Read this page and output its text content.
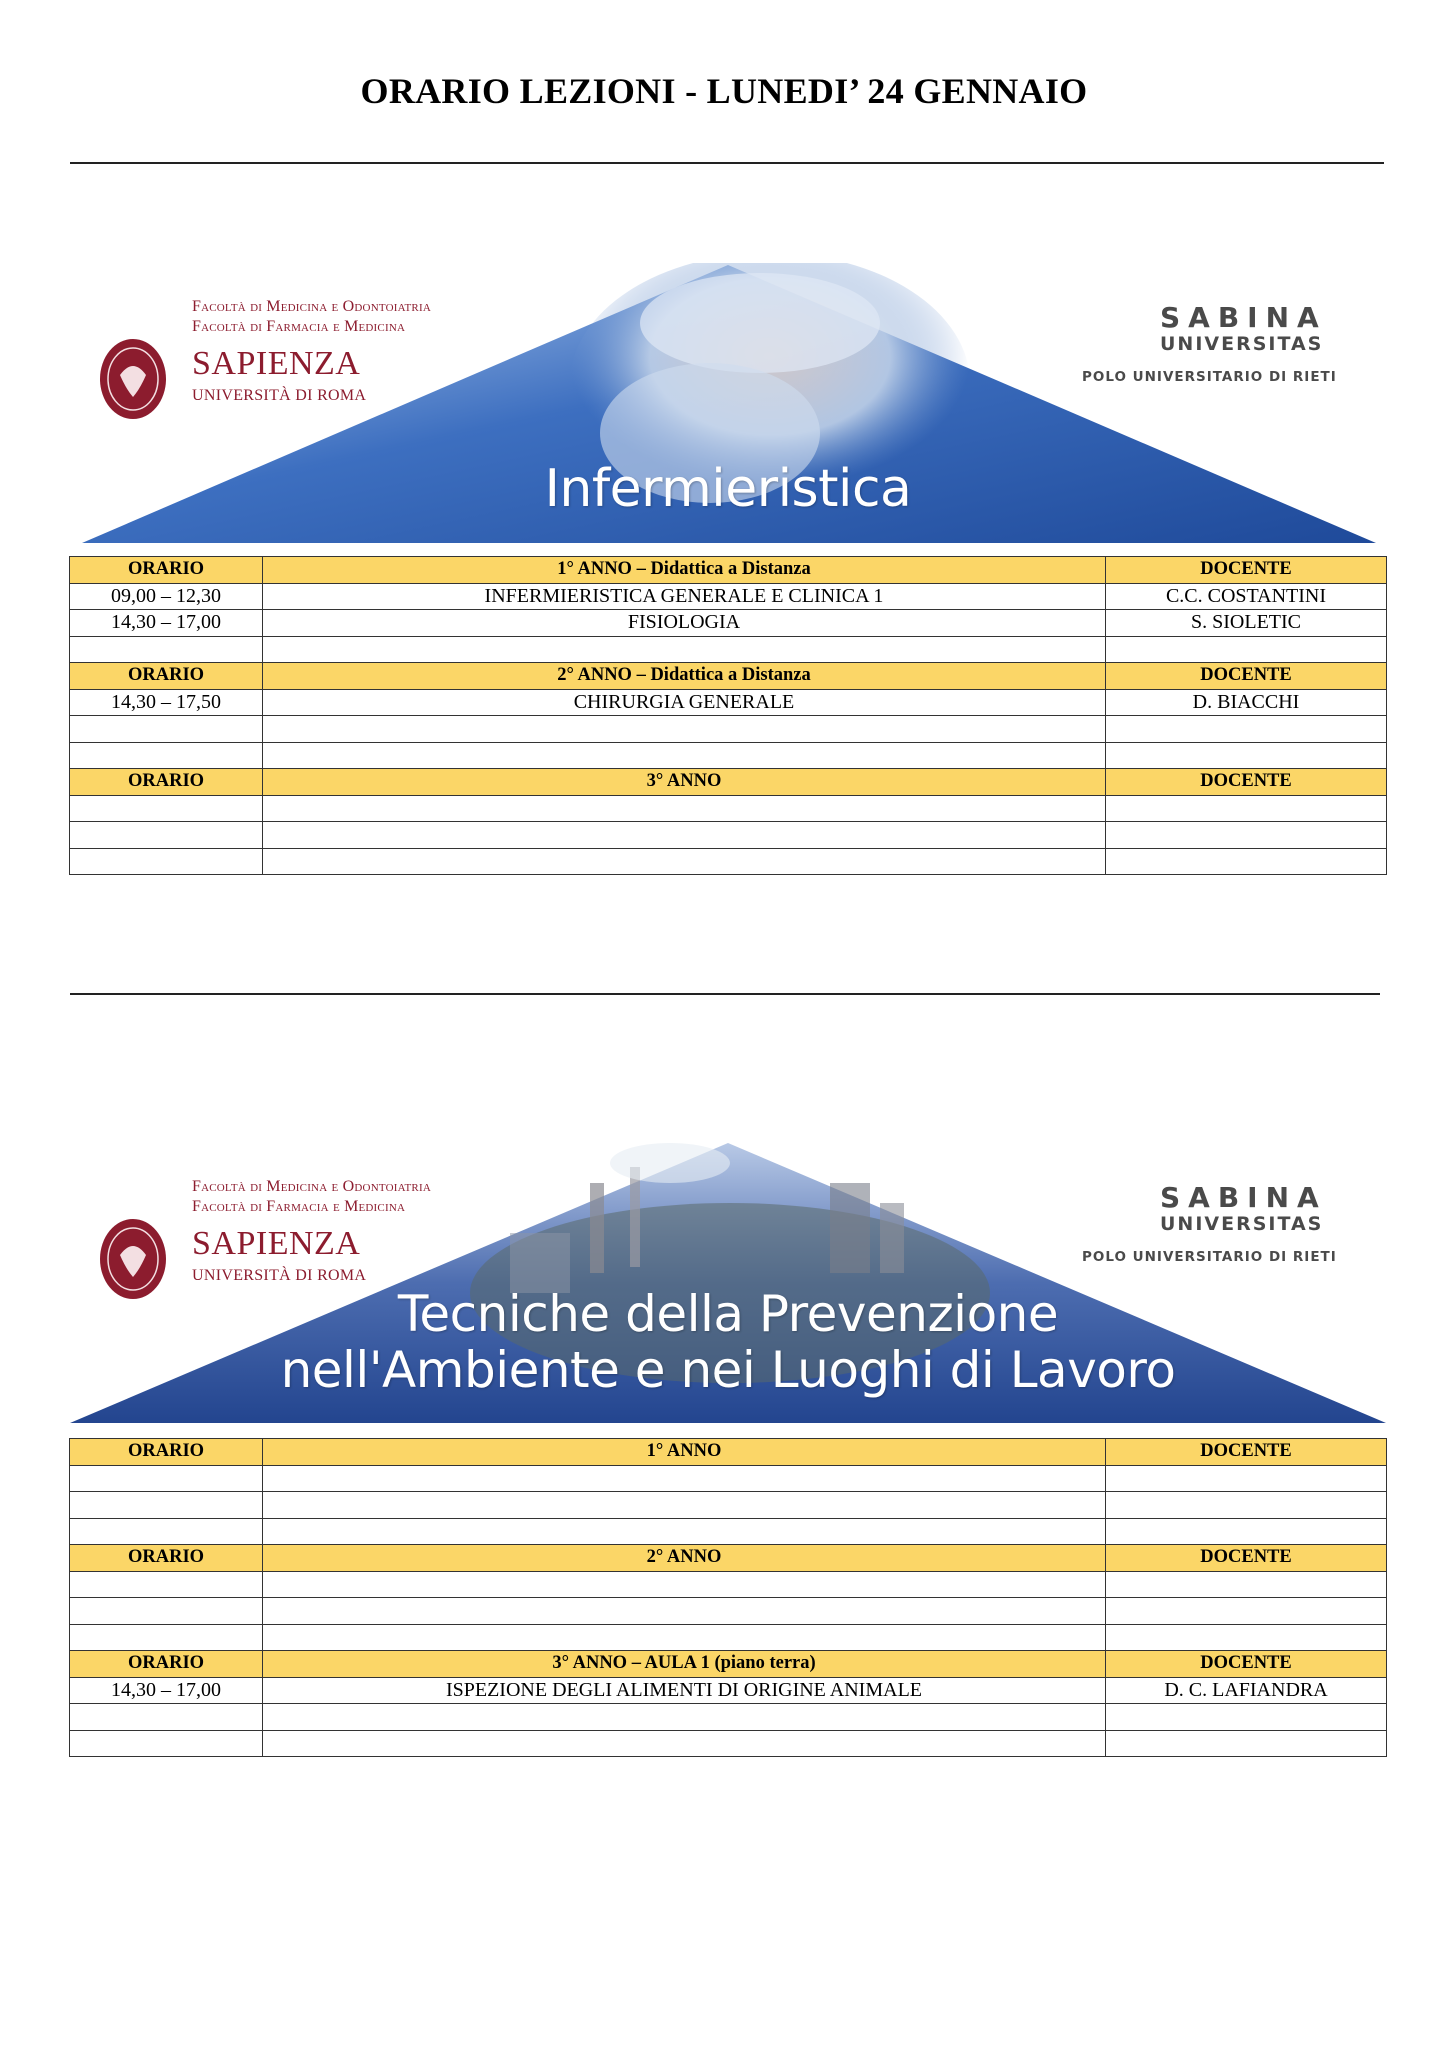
ORARIO LEZIONI - LUNEDI’ 24 GENNAIO
Facoltà di Medicina e Odontoiatria
Facoltà di Farmacia e Medicina
SAPIENZA
UNIVERSITÀ DI ROMA
SABINA
UNIVERSITAS
POLO UNIVERSITARIO DI RIETI
Infermieristica
ORARIO	1° ANNO – Didattica a Distanza	DOCENTE
09,00 – 12,30	INFERMIERISTICA GENERALE E CLINICA 1	C.C. COSTANTINI
14,30 – 17,00	FISIOLOGIA	S. SIOLETIC

ORARIO	2° ANNO – Didattica a Distanza	DOCENTE
14,30 – 17,50	CHIRURGIA GENERALE	D. BIACCHI

ORARIO	3° ANNO	DOCENTE

Facoltà di Medicina e Odontoiatria
Facoltà di Farmacia e Medicina
SAPIENZA
UNIVERSITÀ DI ROMA
SABINA
UNIVERSITAS
POLO UNIVERSITARIO DI RIETI
Tecniche della Prevenzione
nell'Ambiente e nei Luoghi di Lavoro
ORARIO	1° ANNO	DOCENTE

ORARIO	2° ANNO	DOCENTE

ORARIO	3° ANNO – AULA 1 (piano terra)	DOCENTE
14,30 – 17,00	ISPEZIONE DEGLI ALIMENTI DI ORIGINE ANIMALE	D. C. LAFIANDRA
